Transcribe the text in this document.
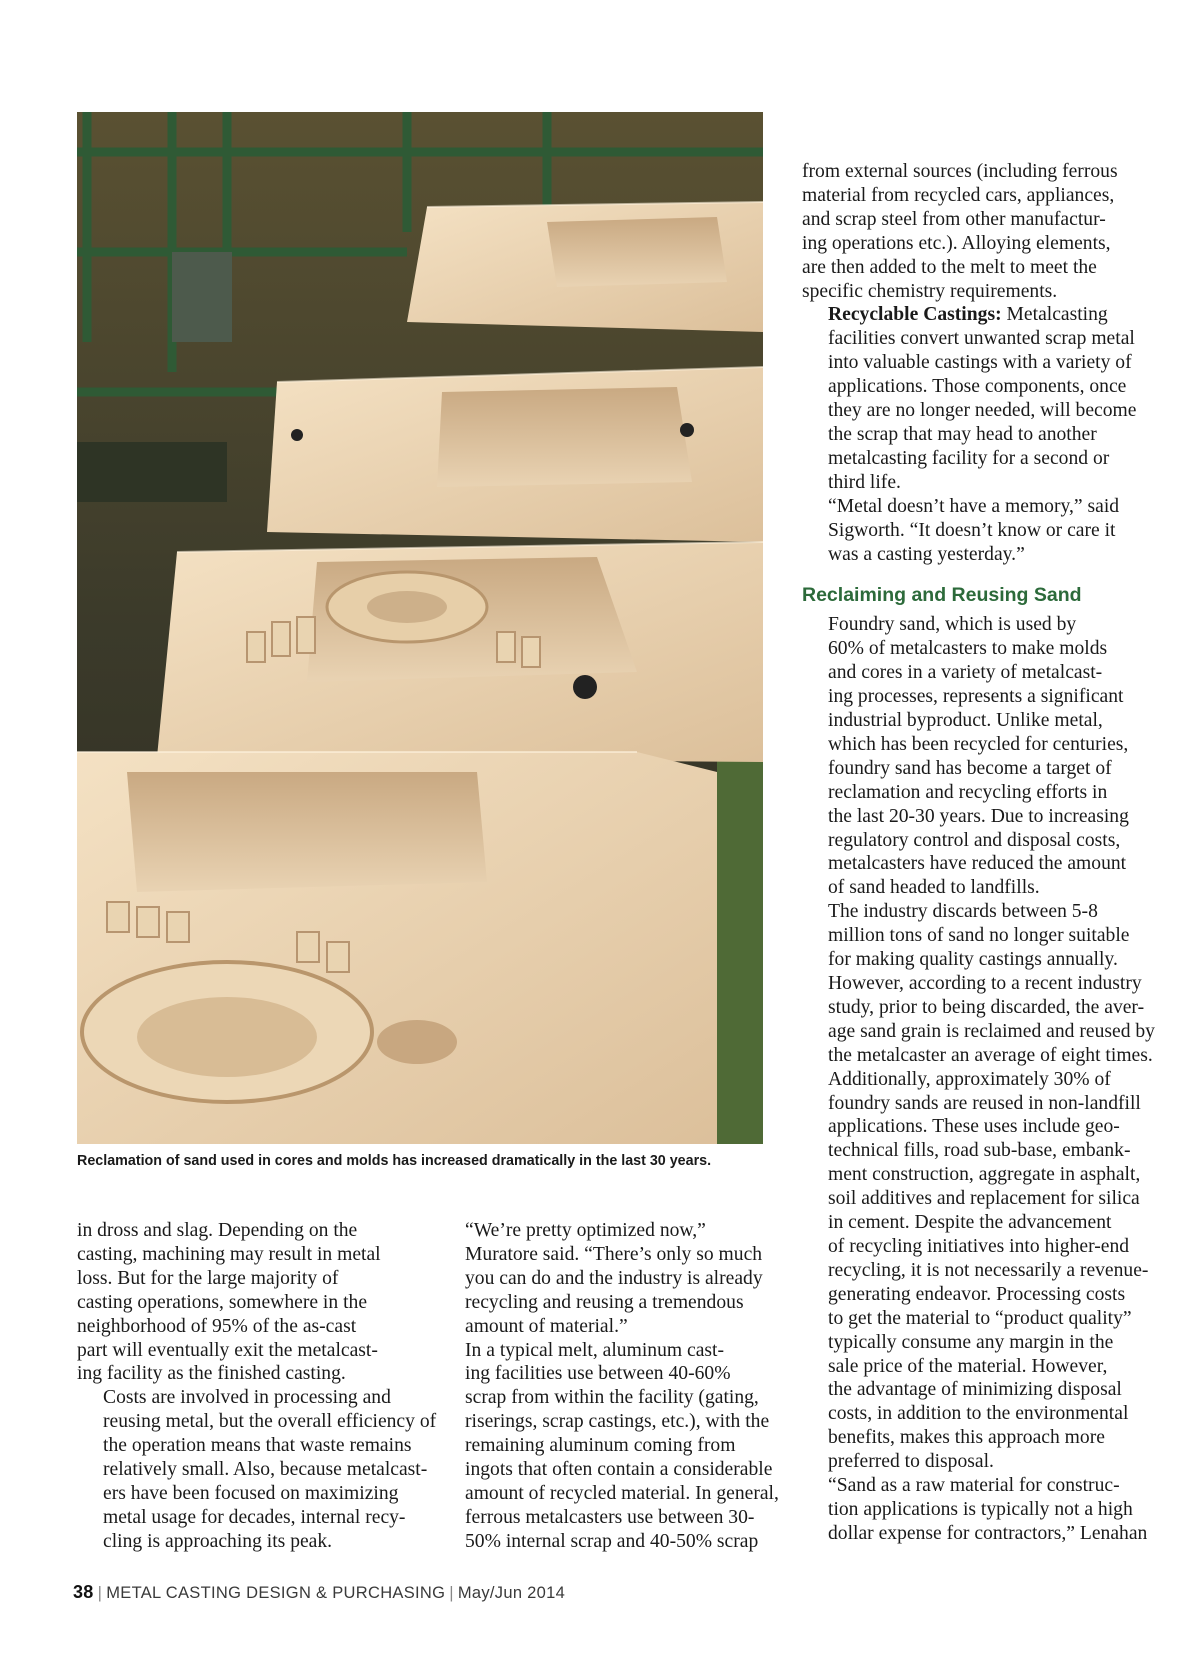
Reclamation of sand used in cores and molds has increased dramatically in the last 30 years.

in dross and slag. Depending on the
casting, machining may result in metal
loss. But for the large majority of
casting operations, somewhere in the
neighborhood of 95% of the as-cast
part will eventually exit the metalcast-
ing facility as the finished casting.

Costs are involved in processing and
reusing metal, but the overall efficiency of
the operation means that waste remains
relatively small. Also, because metalcast-
ers have been focused on maximizing
metal usage for decades, internal recy-
cling is approaching its peak.

“We’re pretty optimized now,”
Muratore said. “There’s only so much
you can do and the industry is already
recycling and reusing a tremendous
amount of material.”

In a typical melt, aluminum cast-
ing facilities use between 40-60%
scrap from within the facility (gating,
riserings, scrap castings, etc.), with the
remaining aluminum coming from
ingots that often contain a considerable
amount of recycled material. In general,
ferrous metalcasters use between 30-
50% internal scrap and 40-50% scrap

from external sources (including ferrous
material from recycled cars, appliances,
and scrap steel from other manufactur-
ing operations etc.). Alloying elements,
are then added to the melt to meet the
specific chemistry requirements.

Recyclable Castings: Metalcasting
facilities convert unwanted scrap metal
into valuable castings with a variety of
applications. Those components, once
they are no longer needed, will become
the scrap that may head to another
metalcasting facility for a second or
third life.

“Metal doesn’t have a memory,” said
Sigworth. “It doesn’t know or care it
was a casting yesterday.”

Reclaiming and Reusing Sand

Foundry sand, which is used by
60% of metalcasters to make molds
and cores in a variety of metalcast-
ing processes, represents a significant
industrial byproduct. Unlike metal,
which has been recycled for centuries,
foundry sand has become a target of
reclamation and recycling efforts in
the last 20-30 years. Due to increasing
regulatory control and disposal costs,
metalcasters have reduced the amount
of sand headed to landfills.

The industry discards between 5-8
million tons of sand no longer suitable
for making quality castings annually.
However, according to a recent industry
study, prior to being discarded, the aver-
age sand grain is reclaimed and reused by
the metalcaster an average of eight times.

Additionally, approximately 30% of
foundry sands are reused in non-landfill
applications. These uses include geo-
technical fills, road sub-base, embank-
ment construction, aggregate in asphalt,
soil additives and replacement for silica
in cement. Despite the advancement
of recycling initiatives into higher-end
recycling, it is not necessarily a revenue-
generating endeavor. Processing costs
to get the material to “product quality”
typically consume any margin in the
sale price of the material. However,
the advantage of minimizing disposal
costs, in addition to the environmental
benefits, makes this approach more
preferred to disposal.

“Sand as a raw material for construc-
tion applications is typically not a high
dollar expense for contractors,” Lenahan

38 | METAL CASTING DESIGN & PURCHASING | May/Jun 2014
